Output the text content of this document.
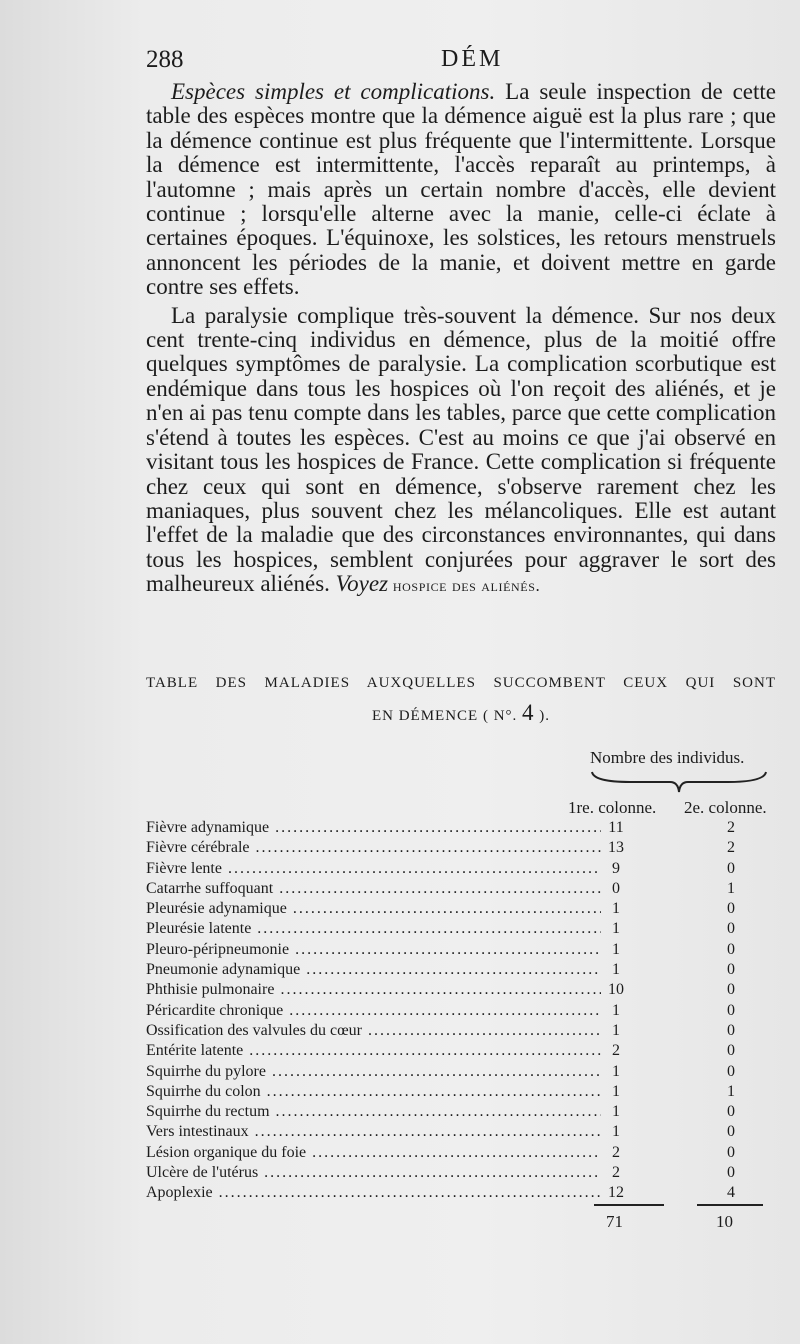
288	DÉM

Espèces simples et complications. La seule inspection de cette table des espèces montre que la démence aiguë est la plus rare ; que la démence continue est plus fréquente que l'intermittente. Lorsque la démence est intermittente, l'accès reparaît au printemps, à l'automne ; mais après un certain nombre d'accès, elle devient continue ; lorsqu'elle alterne avec la manie, celle-ci éclate à certaines époques. L'équinoxe, les solstices, les retours menstruels annoncent les périodes de la manie, et doivent mettre en garde contre ses effets.

La paralysie complique très-souvent la démence. Sur nos deux cent trente-cinq individus en démence, plus de la moitié offre quelques symptômes de paralysie. La complication scorbutique est endémique dans tous les hospices où l'on reçoit des aliénés, et je n'en ai pas tenu compte dans les tables, parce que cette complication s'étend à toutes les espèces. C'est au moins ce que j'ai observé en visitant tous les hospices de France. Cette complication si fréquente chez ceux qui sont en démence, s'observe rarement chez les maniaques, plus souvent chez les mélancoliques. Elle est autant l'effet de la maladie que des circonstances environnantes, qui dans tous les hospices, semblent conjurées pour aggraver le sort des malheureux aliénés. Voyez hospice des aliénés.

TABLE DES MALADIES AUXQUELLES SUCCOMBENT CEUX QUI SONT
EN DÉMENCE ( N°. 4 ).
Nombre des individus.
1re. colonne. 2e. colonne.
Fièvre adynamique .....	11	2
Fièvre cérébrale .....	13	2
Fièvre lente .....	9	0
Catarrhe suffoquant .....	0	1
Pleurésie adynamique .....	1	0
Pleurésie latente .....	1	0
Pleuro-péripneumonie .....	1	0
Pneumonie adynamique .....	1	0
Phthisie pulmonaire .....	10	0
Péricardite chronique .....	1	0
Ossification des valvules du cœur .....	1	0
Entérite latente .....	2	0
Squirrhe du pylore .....	1	0
Squirrhe du colon .....	1	1
Squirrhe du rectum .....	1	0
Vers intestinaux .....	1	0
Lésion organique du foie .....	2	0
Ulcère de l'utérus .....	2	0
Apoplexie .....	12	4
71	10
